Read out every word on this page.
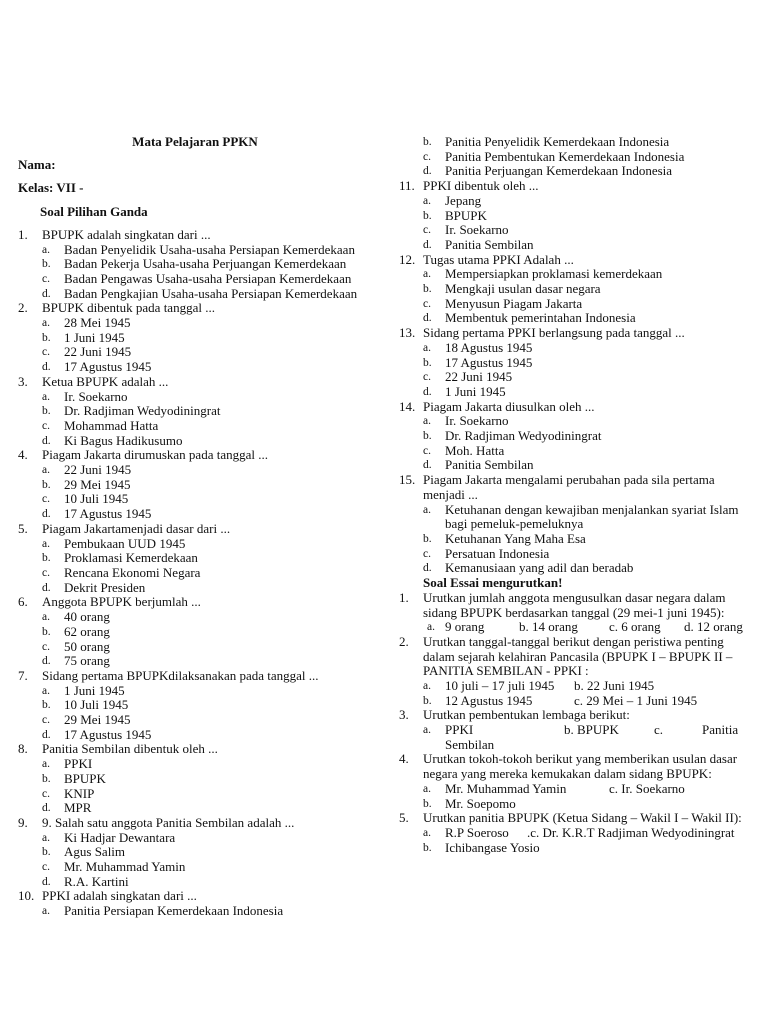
Mata Pelajaran PPKN
Nama:
Kelas: VII -
Soal Pilihan Ganda
1.	BPUPK adalah singkatan dari ...
a. Badan Penyelidik Usaha-usaha Persiapan Kemerdekaan
b. Badan Pekerja Usaha-usaha Perjuangan Kemerdekaan
c. Badan Pengawas Usaha-usaha Persiapan Kemerdekaan
d. Badan Pengkajian Usaha-usaha Persiapan Kemerdekaan
2.	BPUPK dibentuk pada tanggal ...
a. 28 Mei 1945
b. 1 Juni 1945
c. 22 Juni 1945
d. 17 Agustus 1945
3.	Ketua BPUPK adalah ...
a. Ir. Soekarno
b. Dr. Radjiman Wedyodiningrat
c. Mohammad Hatta
d. Ki Bagus Hadikusumo
4.	Piagam Jakarta dirumuskan pada tanggal ...
a. 22 Juni 1945
b. 29 Mei 1945
c. 10 Juli 1945
d. 17 Agustus 1945
5.	Piagam Jakartamenjadi dasar dari ...
a. Pembukaan UUD 1945
b. Proklamasi Kemerdekaan
c. Rencana Ekonomi Negara
d. Dekrit Presiden
6.	Anggota BPUPK berjumlah ...
a. 40 orang
b. 62 orang
c. 50 orang
d. 75 orang
7.	Sidang pertama BPUPKdilaksanakan pada tanggal ...
a. 1 Juni 1945
b. 10 Juli 1945
c. 29 Mei 1945
d. 17 Agustus 1945
8.	Panitia Sembilan dibentuk oleh ...
a. PPKI
b. BPUPK
c. KNIP
d. MPR
9.	9. Salah satu anggota Panitia Sembilan adalah ...
a. Ki Hadjar Dewantara
b. Agus Salim
c. Mr. Muhammad Yamin
d. R.A. Kartini
10. PPKI adalah singkatan dari ...
a. Panitia Persiapan Kemerdekaan Indonesia
b. Panitia Penyelidik Kemerdekaan Indonesia
c. Panitia Pembentukan Kemerdekaan Indonesia
d. Panitia Perjuangan Kemerdekaan Indonesia
11. PPKI dibentuk oleh ...
a. Jepang
b. BPUPK
c. Ir. Soekarno
d. Panitia Sembilan
12. Tugas utama PPKI Adalah ...
a. Mempersiapkan proklamasi kemerdekaan
b. Mengkaji usulan dasar negara
c. Menyusun Piagam Jakarta
d. Membentuk pemerintahan Indonesia
13. Sidang pertama PPKI berlangsung pada tanggal ...
a. 18 Agustus 1945
b. 17 Agustus 1945
c. 22 Juni 1945
d. 1 Juni 1945
14. Piagam Jakarta diusulkan oleh ...
a. Ir. Soekarno
b. Dr. Radjiman Wedyodiningrat
c. Moh. Hatta
d. Panitia Sembilan
15. Piagam Jakarta mengalami perubahan pada sila pertama menjadi ...
a. Ketuhanan dengan kewajiban menjalankan syariat Islam bagi pemeluk-pemeluknya
b. Ketuhanan Yang Maha Esa
c. Persatuan Indonesia
d. Kemanusiaan yang adil dan beradab
Soal Essai mengurutkan!
1.	Urutkan jumlah anggota mengusulkan dasar negara dalam sidang BPUPK berdasarkan tanggal (29 mei-1 juni 1945):
a. 9 orang	b. 14 orang c. 6 orang d. 12 orang
2.	Urutkan tanggal-tanggal berikut dengan peristiwa penting dalam sejarah kelahiran Pancasila (BPUPK I – BPUPK II – PANITIA SEMBILAN - PPKI :
a. 10 juli – 17 juli 1945 b. 22 Juni 1945
b. 12 Agustus 1945	c. 29 Mei – 1 Juni 1945
3.	Urutkan pembentukan lembaga berikut:
a. PPKI	b. BPUPK	c.	Panitia
Sembilan
4.	Urutkan tokoh-tokoh berikut yang memberikan usulan dasar negara yang mereka kemukakan dalam sidang BPUPK:
a. Mr. Muhammad Yamin	c. Ir. Soekarno
b. Mr. Soepomo
5.	Urutkan panitia BPUPK (Ketua Sidang – Wakil I – Wakil II):
a. R.P Soeroso .c. Dr. K.R.T Radjiman Wedyodiningrat
b. Ichibangase Yosio
